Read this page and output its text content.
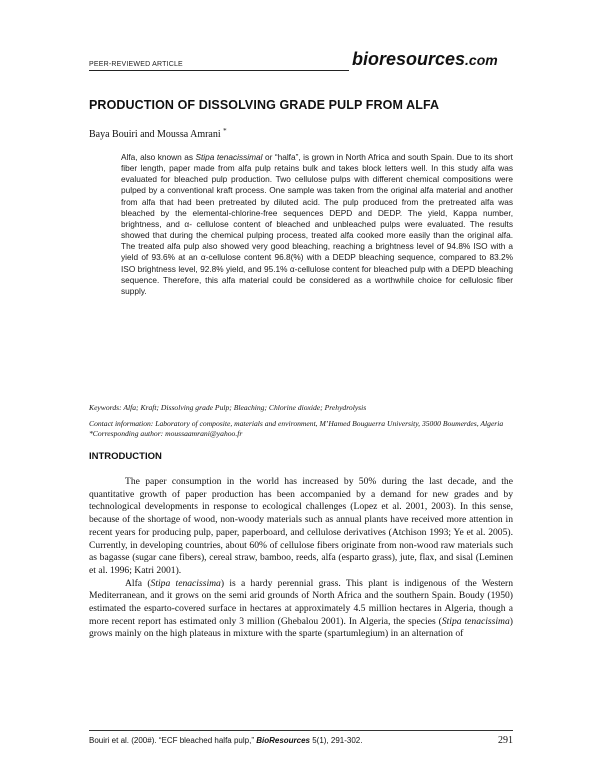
PEER-REVIEWED ARTICLE	bioresources.com
PRODUCTION OF DISSOLVING GRADE PULP FROM ALFA
Baya Bouiri and Moussa Amrani *
Alfa, also known as Stipa tenacissimal or “halfa”, is grown in North Africa and south Spain. Due to its short fiber length, paper made from alfa pulp retains bulk and takes block letters well. In this study alfa was evaluated for bleached pulp production. Two cellulose pulps with different chemical compositions were pulped by a conventional kraft process. One sample was taken from the original alfa material and another from alfa that had been pretreated by diluted acid. The pulp produced from the pretreated alfa was bleached by the elemental-chlorine-free sequences DEPD and DEDP. The yield, Kappa number, brightness, and α- cellulose content of bleached and unbleached pulps were evaluated. The results showed that during the chemical pulping process, treated alfa cooked more easily than the original alfa. The treated alfa pulp also showed very good bleaching, reaching a brightness level of 94.8% ISO with a yield of 93.6% at an α-cellulose content 96.8(%) with a DEDP bleaching sequence, compared to 83.2% ISO brightness level, 92.8% yield, and 95.1% α-cellulose content for bleached pulp with a DEPD bleaching sequence. Therefore, this alfa material could be considered as a worthwhile choice for cellulosic fiber supply.
Keywords: Alfa; Kraft; Dissolving grade Pulp; Bleaching; Chlorine dioxide; Prehydrolysis
Contact information: Laboratory of composite, materials and environment, M’Hamed Bouguerra University, 35000 Boumerdes, Algeria
*Corresponding author: moussaamrani@yahoo.fr
INTRODUCTION

The paper consumption in the world has increased by 50% during the last decade, and the quantitative growth of paper production has been accompanied by a demand for new grades and by technological developments in response to ecological challenges (Lopez et al. 2001, 2003). In this sense, because of the shortage of wood, non-woody materials such as annual plants have received more attention in recent years for producing pulp, paper, paperboard, and cellulose derivatives (Atchison 1993; Ye et al. 2005). Currently, in developing countries, about 60% of cellulose fibers originate from non-wood raw materials such as bagasse (sugar cane fibers), cereal straw, bamboo, reeds, alfa (esparto grass), jute, flax, and sisal (Leminen et al. 1996; Katri 2001).

Alfa (Stipa tenacissima) is a hardy perennial grass. This plant is indigenous of the Western Mediterranean, and it grows on the semi arid grounds of North Africa and the southern Spain. Boudy (1950) estimated the esparto-covered surface in hectares at approximately 4.5 million hectares in Algeria, though a more recent report has estimated only 3 million (Ghebalou 2001). In Algeria, the species (Stipa tenacissima) grows mainly on the high plateaus in mixture with the sparte (spartumlegium) in an alternation of

Bouiri et al. (200#). “ECF bleached halfa pulp,” BioResources 5(1), 291-302.	291
